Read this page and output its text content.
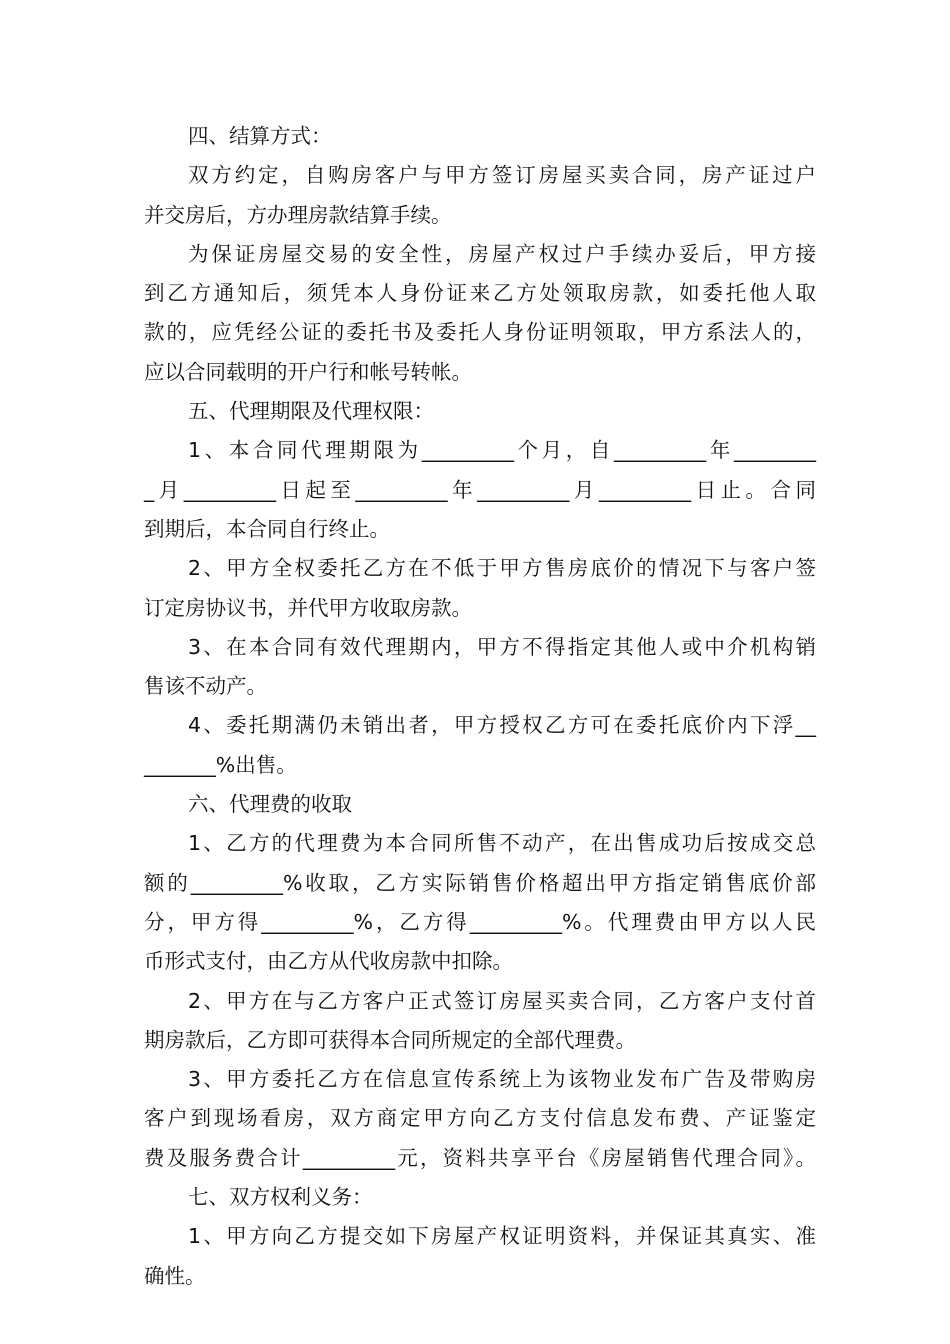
四、结算方式：
双方约定，自购房客户与甲方签订房屋买卖合同，房产证过户
并交房后，方办理房款结算手续。
为保证房屋交易的安全性，房屋产权过户手续办妥后，甲方接
到乙方通知后，须凭本人身份证来乙方处领取房款，如委托他人取
款的，应凭经公证的委托书及委托人身份证明领取，甲方系法人的，
应以合同载明的开户行和帐号转帐。
五、代理期限及代理权限：
1、本合同代理期限为_________个月，自_________年________
_月_________日起至_________年_________月_________日止。合同
到期后，本合同自行终止。
2、甲方全权委托乙方在不低于甲方售房底价的情况下与客户签
订定房协议书，并代甲方收取房款。
3、在本合同有效代理期内，甲方不得指定其他人或中介机构销
售该不动产。
4、委托期满仍未销出者，甲方授权乙方可在委托底价内下浮__
_______%出售。
六、代理费的收取
1、乙方的代理费为本合同所售不动产，在出售成功后按成交总
额的_________%收取，乙方实际销售价格超出甲方指定销售底价部
分，甲方得_________%，乙方得_________%。代理费由甲方以人民
币形式支付，由乙方从代收房款中扣除。
2、甲方在与乙方客户正式签订房屋买卖合同，乙方客户支付首
期房款后，乙方即可获得本合同所规定的全部代理费。
3、甲方委托乙方在信息宣传系统上为该物业发布广告及带购房
客户到现场看房，双方商定甲方向乙方支付信息发布费、产证鉴定
费及服务费合计_________元，资料共享平台《房屋销售代理合同》。
七、双方权利义务：
1、甲方向乙方提交如下房屋产权证明资料，并保证其真实、准
确性。
